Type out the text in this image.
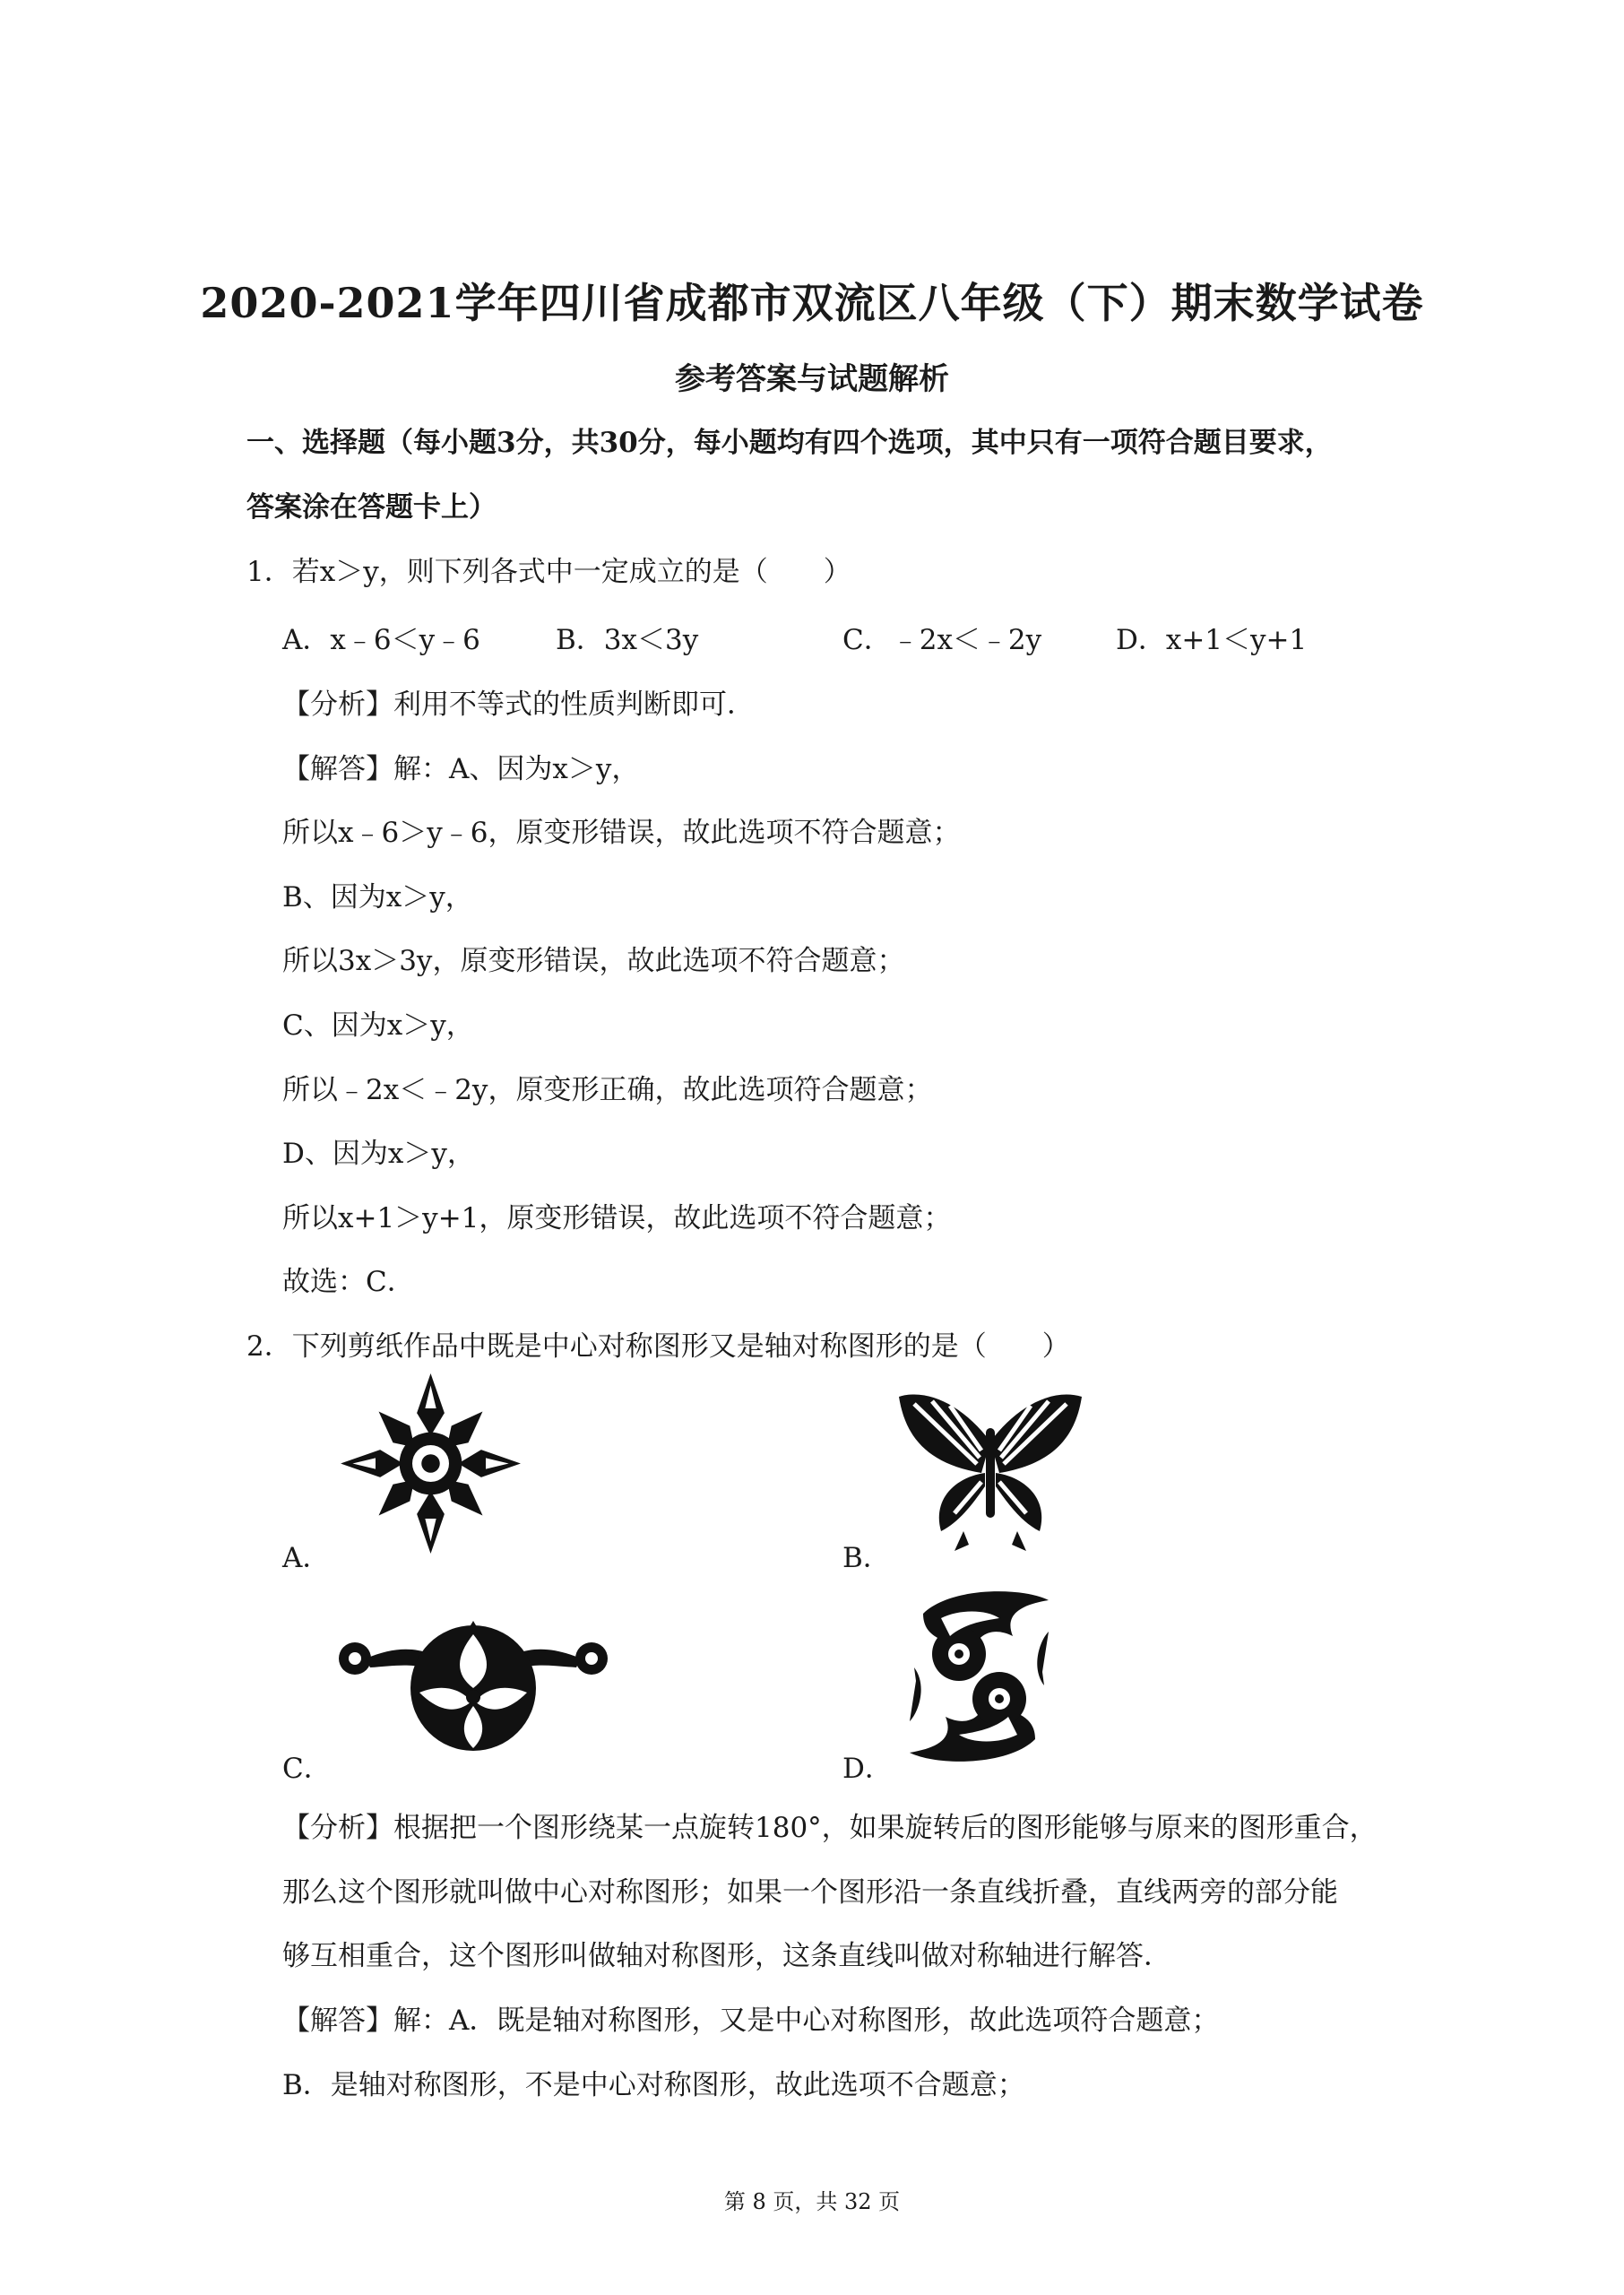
2020-2021学年四川省成都市双流区八年级（下）期末数学试卷
参考答案与试题解析
一、选择题（每小题3分，共30分，每小题均有四个选项，其中只有一项符合题目要求，
答案涂在答题卡上）
1．若x＞y，则下列各式中一定成立的是（　　）
A．x﹣6＜y﹣6	B．3x＜3y	C．﹣2x＜﹣2y	D．x+1＜y+1
【分析】利用不等式的性质判断即可．
【解答】解：A、因为x＞y，
所以x﹣6＞y﹣6，原变形错误，故此选项不符合题意；
B、因为x＞y，
所以3x＞3y，原变形错误，故此选项不符合题意；
C、因为x＞y，
所以﹣2x＜﹣2y，原变形正确，故此选项符合题意；
D、因为x＞y，
所以x+1＞y+1，原变形错误，故此选项不符合题意；
故选：C．
2．下列剪纸作品中既是中心对称图形又是轴对称图形的是（　　）
A．	B．
C．	D．
【分析】根据把一个图形绕某一点旋转180°，如果旋转后的图形能够与原来的图形重合，
那么这个图形就叫做中心对称图形；如果一个图形沿一条直线折叠，直线两旁的部分能
够互相重合，这个图形叫做轴对称图形，这条直线叫做对称轴进行解答．
【解答】解：A．既是轴对称图形，又是中心对称图形，故此选项符合题意；
B．是轴对称图形，不是中心对称图形，故此选项不合题意；
第 8 页，共 32 页
